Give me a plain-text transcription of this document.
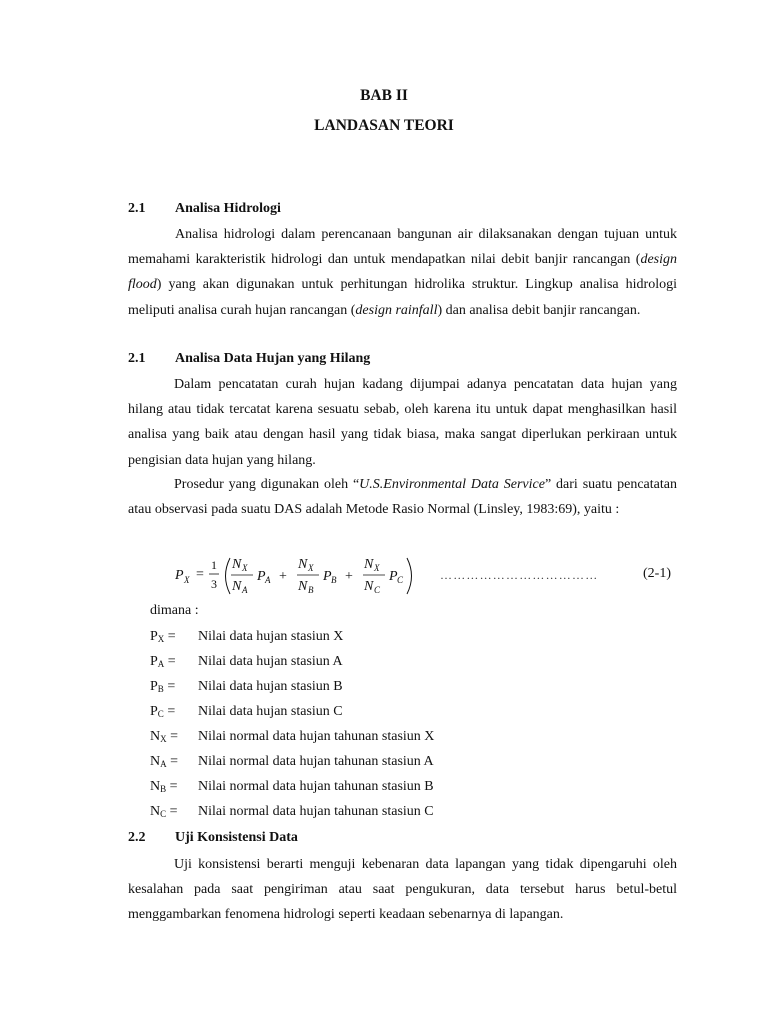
BAB II
LANDASAN TEORI
2.1 Analisa Hidrologi
Analisa hidrologi dalam perencanaan bangunan air dilaksanakan dengan tujuan untuk memahami karakteristik hidrologi dan untuk mendapatkan nilai debit banjir rancangan (design flood) yang akan digunakan untuk perhitungan hidrolika struktur. Lingkup analisa hidrologi meliputi analisa curah hujan rancangan (design rainfall) dan analisa debit banjir rancangan.
2.1 Analisa Data Hujan yang Hilang
Dalam pencatatan curah hujan kadang dijumpai adanya pencatatan data hujan yang hilang atau tidak tercatat karena sesuatu sebab, oleh karena itu untuk dapat menghasilkan hasil analisa yang baik atau dengan hasil yang tidak biasa, maka sangat diperlukan perkiraan untuk pengisian data hujan yang hilang.
Prosedur yang digunakan oleh “U.S.Environmental Data Service” dari suatu pencatatan atau observasi pada suatu DAS adalah Metode Rasio Normal (Linsley, 1983:69), yaitu :
P X =
1
3
N X
N A
P A +
N X
N B
P B +
N X
N C
P C	………………………………	(2-1)
dimana :
$P_X$ = Nilai data hujan stasiun X
$P_A$ = Nilai data hujan stasiun A
$P_B$ = Nilai data hujan stasiun B
$P_C$ = Nilai data hujan stasiun C
$N_X$ = Nilai normal data hujan tahunan stasiun X
$N_A$ = Nilai normal data hujan tahunan stasiun A
$N_B$ = Nilai normal data hujan tahunan stasiun B
$N_C$ = Nilai normal data hujan tahunan stasiun C
2.2 Uji Konsistensi Data
Uji konsistensi berarti menguji kebenaran data lapangan yang tidak dipengaruhi oleh kesalahan pada saat pengiriman atau saat pengukuran, data tersebut harus betul-betul menggambarkan fenomena hidrologi seperti keadaan sebenarnya di lapangan.
